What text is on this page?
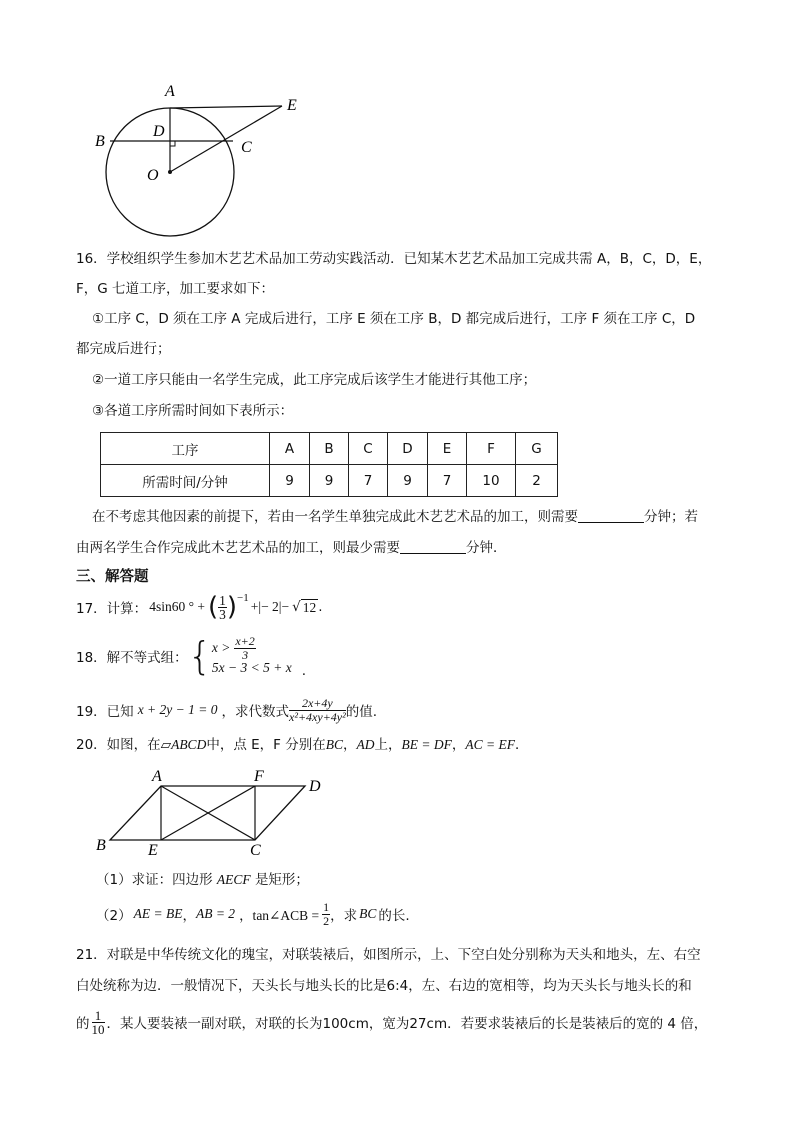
A
E
D
B	C
O
16．学校组织学生参加木艺艺术品加工劳动实践活动．已知某木艺艺术品加工完成共需 A，B，C，D，E，
F，G 七道工序，加工要求如下：
①工序 C，D 须在工序 A 完成后进行，工序 E 须在工序 B，D 都完成后进行，工序 F 须在工序 C，D
都完成后进行；
②一道工序只能由一名学生完成，此工序完成后该学生才能进行其他工序；
③各道工序所需时间如下表所示：
工序	A	B	C	D	E	F	G
所需时间/分钟	9	9	7	9	7	10	2
在不考虑其他因素的前提下，若由一名学生单独完成此木艺艺术品的加工，则需要	分钟；若
由两名学生合作完成此木艺艺术品的加工，则最少需要	分钟．
三、解答题
17．计算： 4sin60 ° + ( $\frac{1}{3} )^{-1}$
+|− 2|− √ 12 .
18．解不等式组： { $x > \frac{x+2}{3}$
5x − 3 < 5 + x .
19．已知 x + 2y − 1 = 0 ，求代数式 $\frac{2x+4y}{\text{x²+4xy+4y²}}$ 的值.
20．如图，在▱ABCD中，点 E，F 分别在BC，AD上，BE = DF，AC = EF．
A	F
D
B	E	C
（1）求证：四边形 AECF 是矩形；
（2） AE = BE ， AB = 2 ，tan∠ACB = $\frac{1}{2}$ ，求 BC 的长.
21．对联是中华传统文化的瑰宝，对联装裱后，如图所示，上、下空白处分别称为天头和地头，左、右空
白处统称为边．一般情况下，天头长与地头长的比是6:4，左、右边的宽相等，均为天头长与地头长的和
的 $\frac{1}{10}$ ．某人要装裱一副对联，对联的长为100cm，宽为27cm．若要求装裱后的长是装裱后的宽的 4 倍，
